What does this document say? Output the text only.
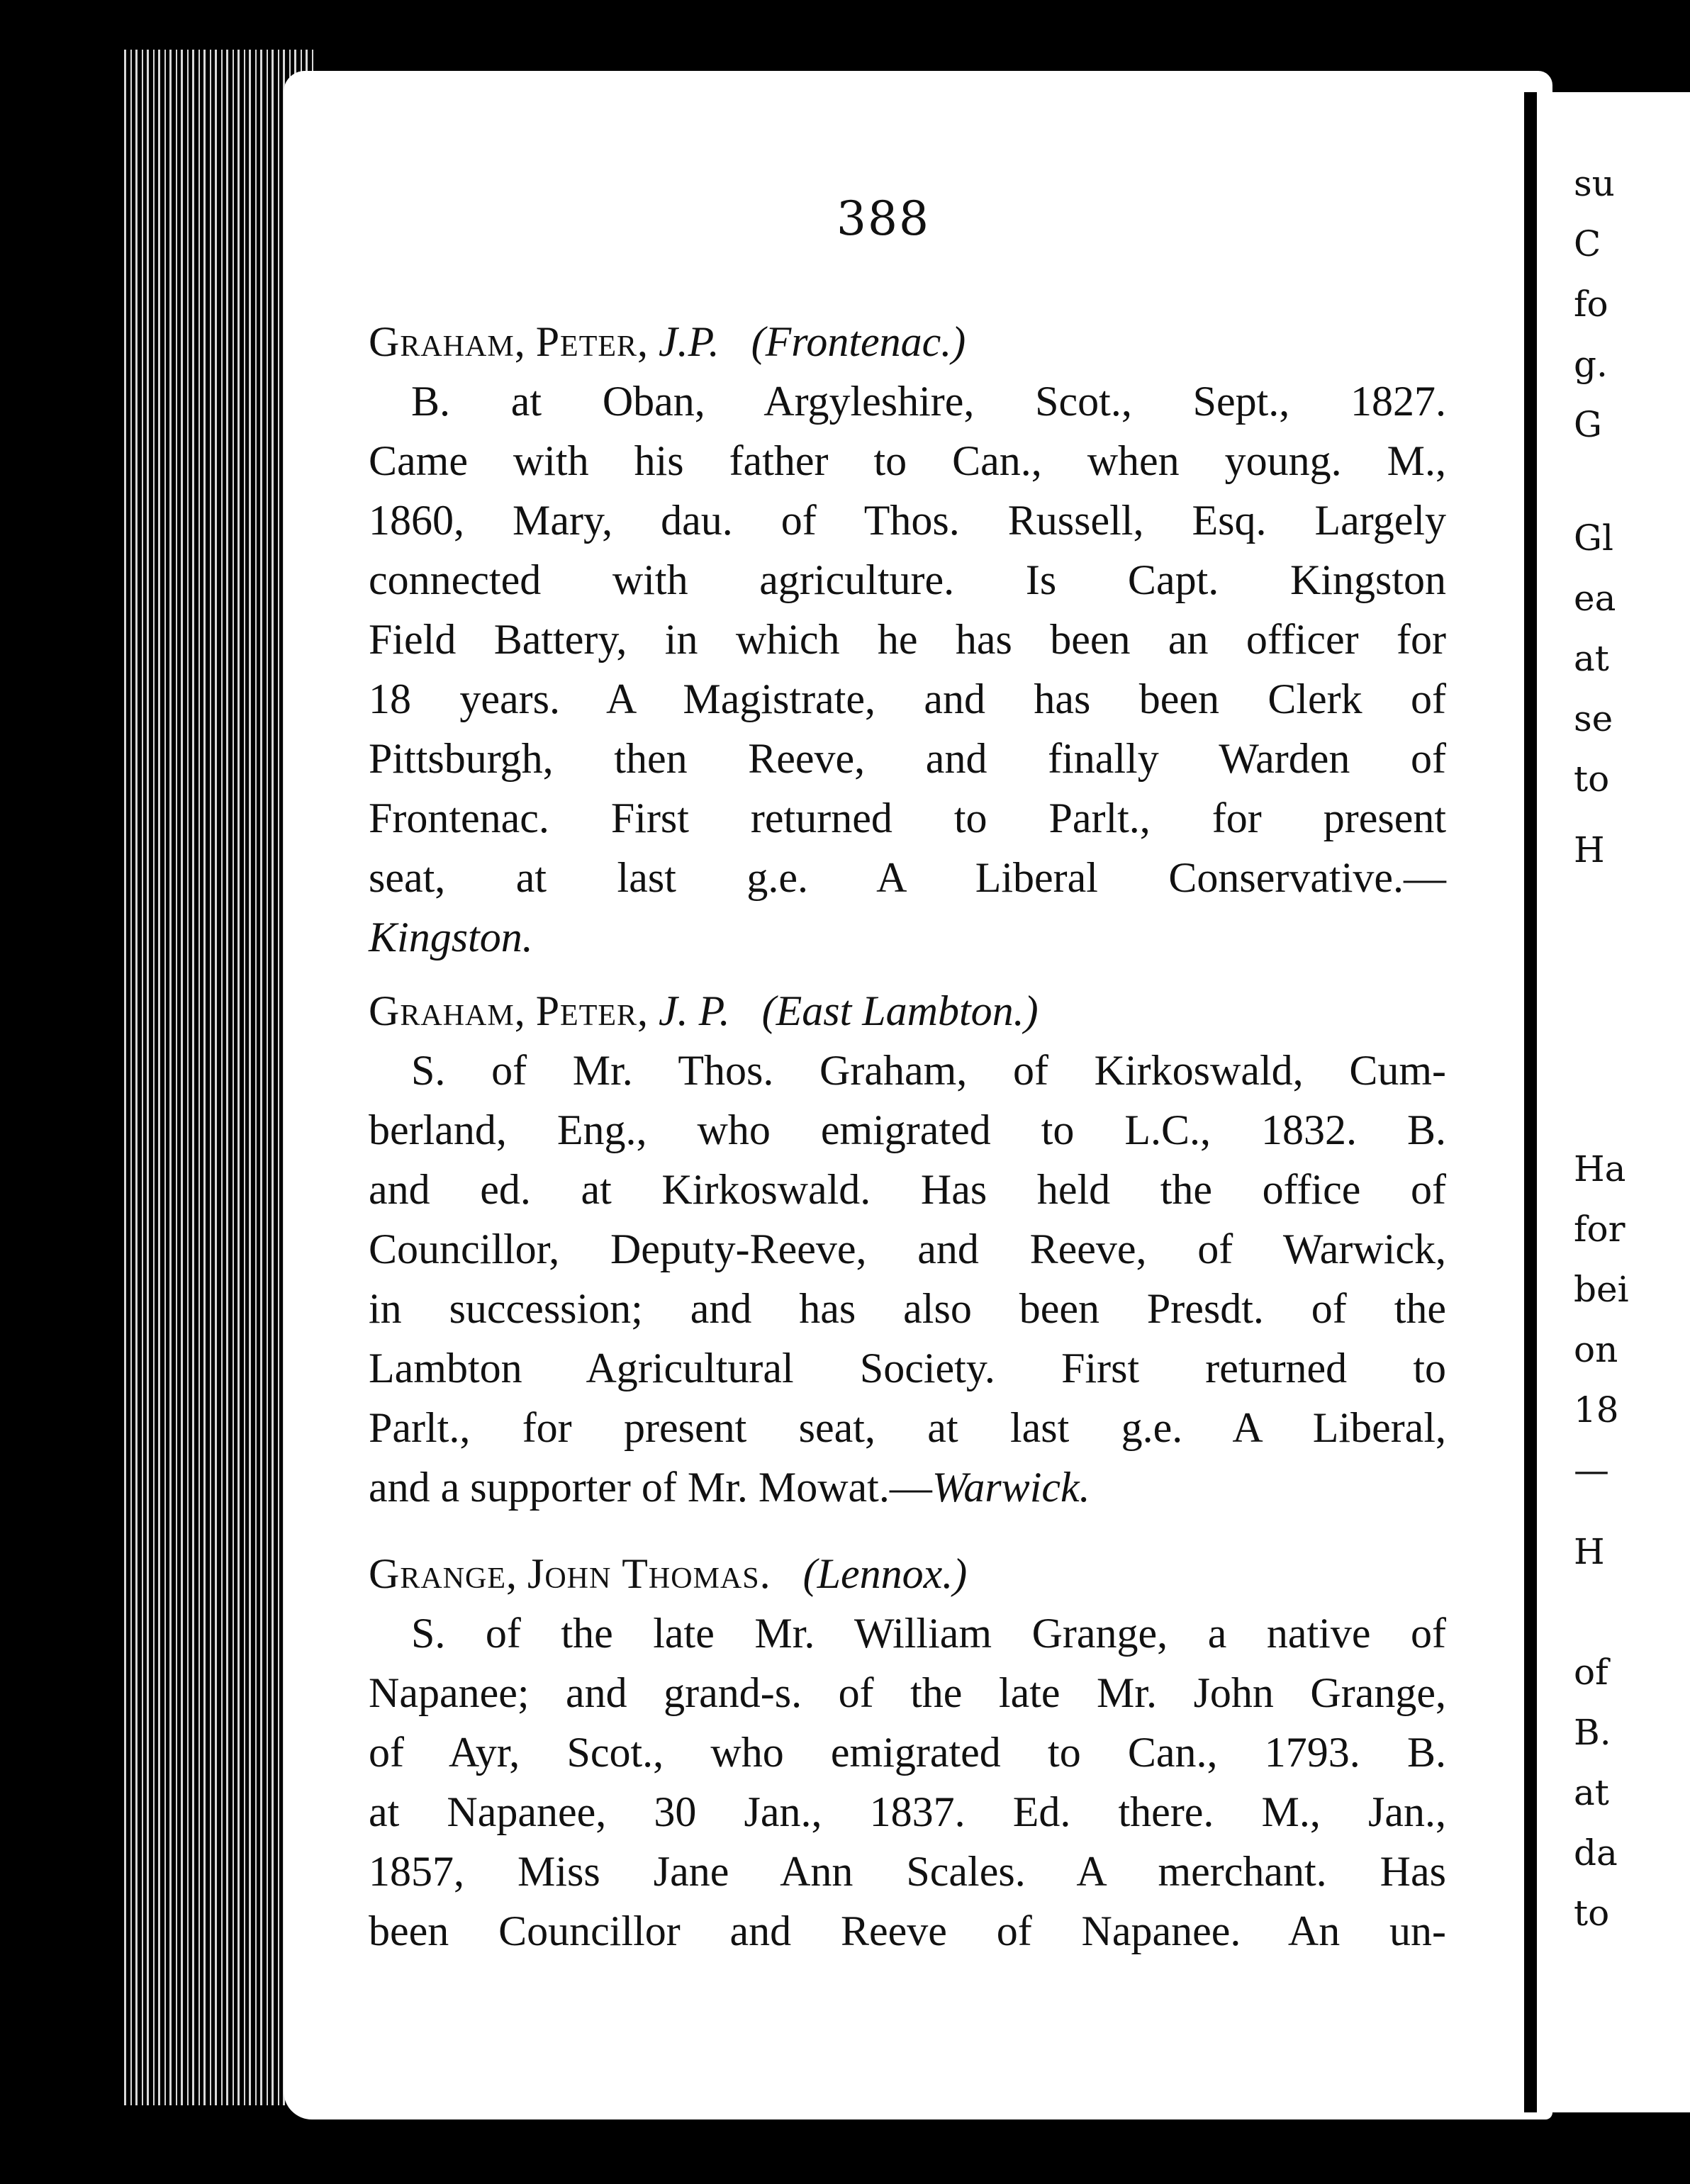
su
C
fo
g.
G
Gl
ea
at
se
to
H
Ha
for
bei
on
18
—
H
of
B.
at
da
to
388
Graham, Peter, J.P. (Frontenac.)
B. at Oban, Argyleshire, Scot., Sept., 1827.
Came with his father to Can., when young. M.,
1860, Mary, dau. of Thos. Russell, Esq. Largely
connected with agriculture. Is Capt. Kingston
Field Battery, in which he has been an officer for
18 years. A Magistrate, and has been Clerk of
Pittsburgh, then Reeve, and finally Warden of
Frontenac. First returned to Parlt., for present
seat, at last g.e. A Liberal Conservative.—
Kingston.
Graham, Peter, J. P. (East Lambton.)
S. of Mr. Thos. Graham, of Kirkoswald, Cum-
berland, Eng., who emigrated to L.C., 1832. B.
and ed. at Kirkoswald. Has held the office of
Councillor, Deputy-Reeve, and Reeve, of Warwick,
in succession; and has also been Presdt. of the
Lambton Agricultural Society. First returned to
Parlt., for present seat, at last g.e. A Liberal,
and a supporter of Mr. Mowat.—Warwick.
Grange, John Thomas. (Lennox.)
S. of the late Mr. William Grange, a native of
Napanee; and grand-s. of the late Mr. John Grange,
of Ayr, Scot., who emigrated to Can., 1793. B.
at Napanee, 30 Jan., 1837. Ed. there. M., Jan.,
1857, Miss Jane Ann Scales. A merchant. Has
been Councillor and Reeve of Napanee. An un-
